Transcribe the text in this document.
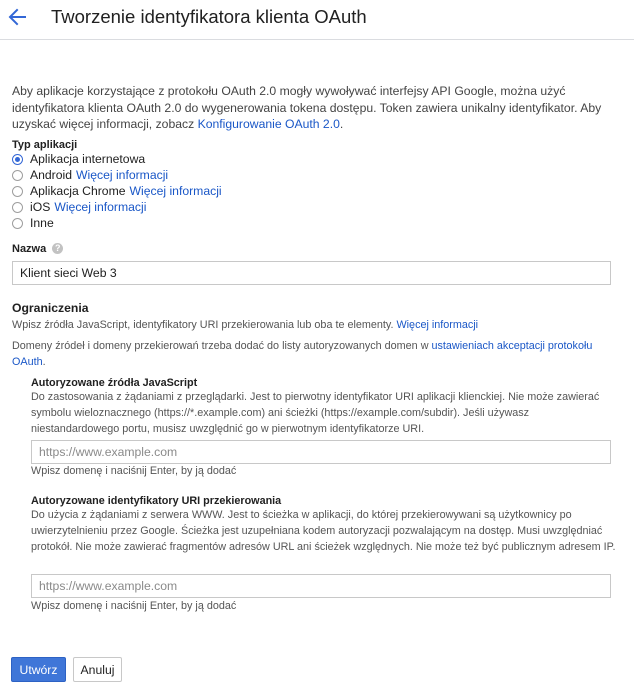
Tworzenie identyfikatora klienta OAuth
Aby aplikacje korzystające z protokołu OAuth 2.0 mogły wywoływać interfejsy API Google, można użyć identyfikatora klienta OAuth 2.0 do wygenerowania tokena dostępu. Token zawiera unikalny identyfikator. Aby uzyskać więcej informacji, zobacz Konfigurowanie OAuth 2.0.
Typ aplikacji
Aplikacja internetowa
Android Więcej informacji
Aplikacja Chrome Więcej informacji
iOS Więcej informacji
Inne
Nazwa ?
Klient sieci Web 3
Ograniczenia
Wpisz źródła JavaScript, identyfikatory URI przekierowania lub oba te elementy. Więcej informacji
Domeny źródeł i domeny przekierowań trzeba dodać do listy autoryzowanych domen w ustawieniach akceptacji protokołu OAuth.
Autoryzowane źródła JavaScript
Do zastosowania z żądaniami z przeglądarki. Jest to pierwotny identyfikator URI aplikacji klienckiej. Nie może zawierać symbolu wieloznacznego (https://*.example.com) ani ścieżki (https://example.com/subdir). Jeśli używasz niestandardowego portu, musisz uwzględnić go w pierwotnym identyfikatorze URI.
https://www.example.com
Wpisz domenę i naciśnij Enter, by ją dodać
Autoryzowane identyfikatory URI przekierowania
Do użycia z żądaniami z serwera WWW. Jest to ścieżka w aplikacji, do której przekierowywani są użytkownicy po uwierzytelnieniu przez Google. Ścieżka jest uzupełniana kodem autoryzacji pozwalającym na dostęp. Musi uwzględniać protokół. Nie może zawierać fragmentów adresów URL ani ścieżek względnych. Nie może też być publicznym adresem IP.
https://www.example.com
Wpisz domenę i naciśnij Enter, by ją dodać
Utwórz	Anuluj
